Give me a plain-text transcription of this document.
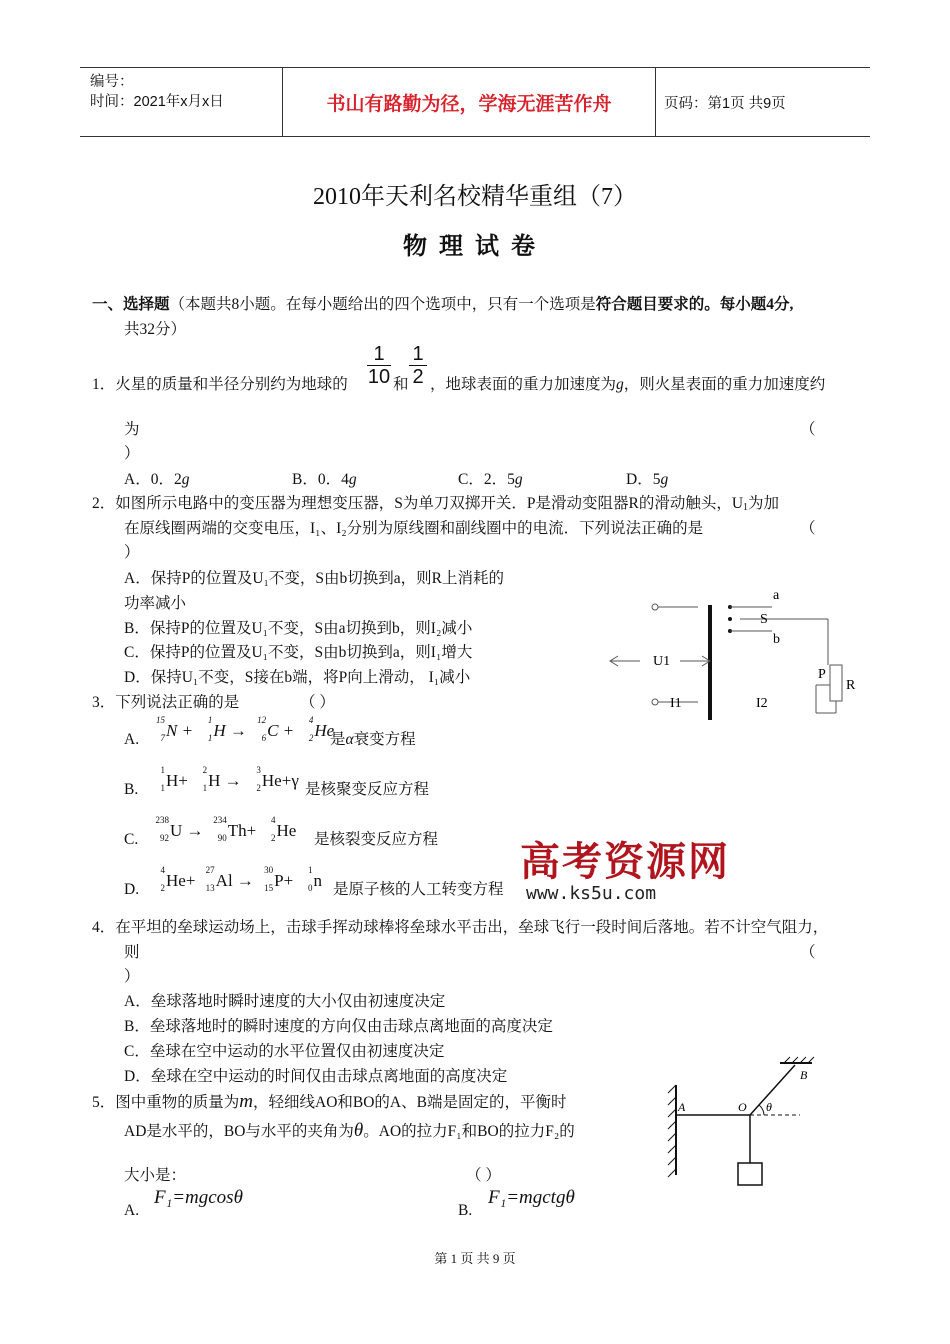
编号：
时间：2021年x月x日	书山有路勤为径，学海无涯苦作舟	页码：第1页 共9页
2010年天利名校精华重组（7）
物理试卷
一、选择题（本题共8小题。在每小题给出的四个选项中，只有一个选项是符合题目要求的。每小题4分,
共32分）
1
10
1
2
1．火星的质量和半径分别约为地球的	和 ，地球表面的重力加速度为g，则火星表面的重力加速度约
为	（
）
A．0．2g	B．0．4g	C．2．5g	D．5g
2．如图所示电路中的变压器为理想变压器，S为单刀双掷开关．P是滑动变阻器R的滑动触头，$U_1$为加
在原线圈两端的交变电压，I₁、I₂分别为原线圈和副线圈中的电流．下列说法正确的是	（
）
A．保持P的位置及U₁不变，S由b切换到a，则R上消耗的
功率减小
B．保持P的位置及U₁不变，S由a切换到b，则I₂减小
C．保持P的位置及U₁不变，S由b切换到a，则I₁增大
D．保持U₁不变，S接在b端，将P向上滑动， I₁减小
a
S
b
U1
P
R
I1	I2
3．下列说法正确的是	（ ）
A.
15
7 N +
1
1 H →
12
6 C +
4
2 He
是α衰变方程
B.
1
1 H+
2
1 H →
3
2 He+γ 是核聚变反应方程
C.
238
92 U →
234
90 Th+
4
2 He 是核裂变反应方程
D.
4
2 He+
27
13 Al →
30
15 P+
1
0 n 是原子核的人工转变方程
高考资源网
www.ks5u.com
4．在平坦的垒球运动场上，击球手挥动球棒将垒球水平击出，垒球飞行一段时间后落地。若不计空气阻力，
则	（
）
A．垒球落地时瞬时速度的大小仅由初速度决定
B．垒球落地时的瞬时速度的方向仅由击球点离地面的高度决定
C．垒球在空中运动的水平位置仅由初速度决定
D．垒球在空中运动的时间仅由击球点离地面的高度决定
5．图中重物的质量为m，轻细线AO和BO的A、B端是固定的，平衡时
AD是水平的，BO与水平的夹角为θ。AO的拉力F₁和BO的拉力F₂的
大小是：	（ ）
A.
F₁=mgcosθ
B.
F₁=mgctgθ
A	O
B
θ
第 1 页 共 9 页
